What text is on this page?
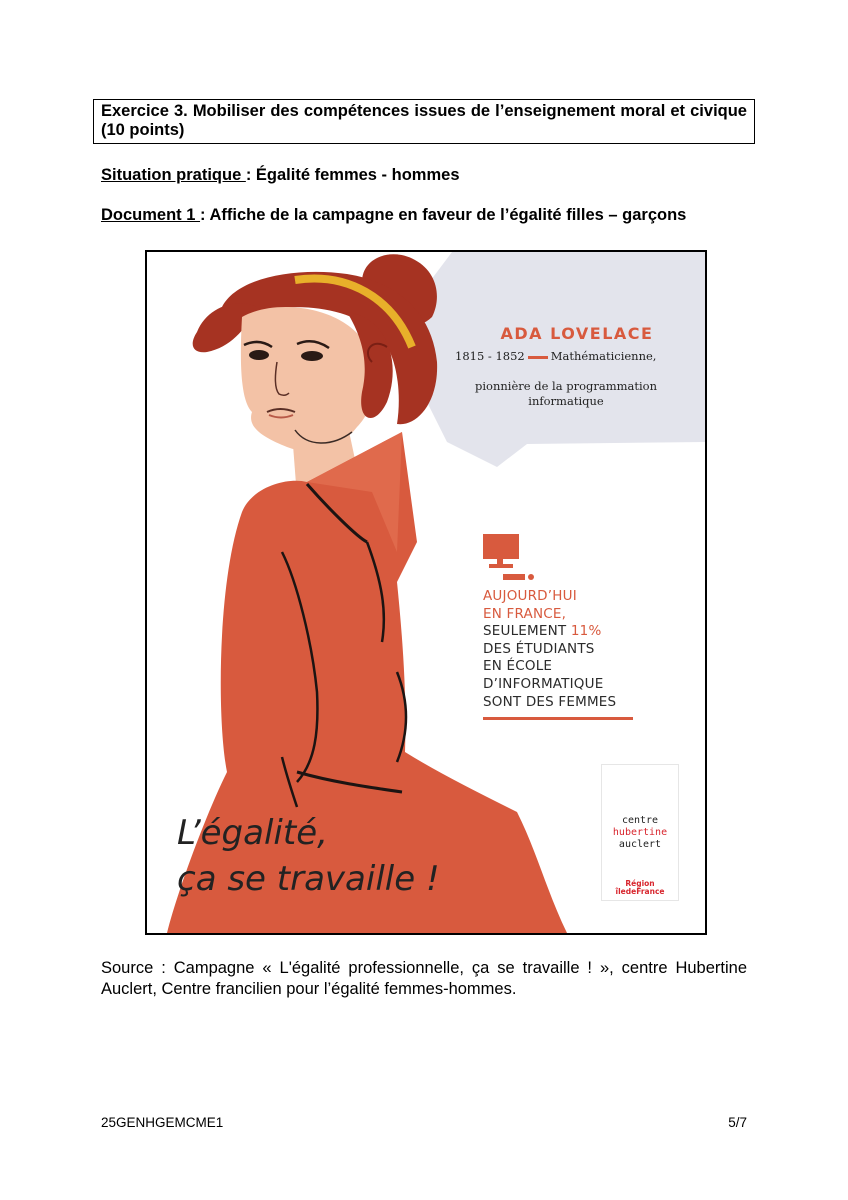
Exercice 3. Mobiliser des compétences issues de l’enseignement moral et civique (10 points)
Situation pratique : Égalité femmes - hommes
Document 1 : Affiche de la campagne en faveur de l’égalité filles – garçons
ADA LOVELACE
1815 - 1852 Mathématicienne,
pionnière de la programmation
informatique
AUJOURD’HUI
EN FRANCE,
SEULEMENT 11%
DES ÉTUDIANTS
EN ÉCOLE
D’INFORMATIQUE
SONT DES FEMMES
L’égalité,
ça se travaille !
centre
hubertine
auclert
Région
îledeFrance
Source : Campagne « L'égalité professionnelle, ça se travaille ! », centre Hubertine Auclert, Centre francilien pour l’égalité femmes-hommes.
25GENHGEMCME1	5/7
